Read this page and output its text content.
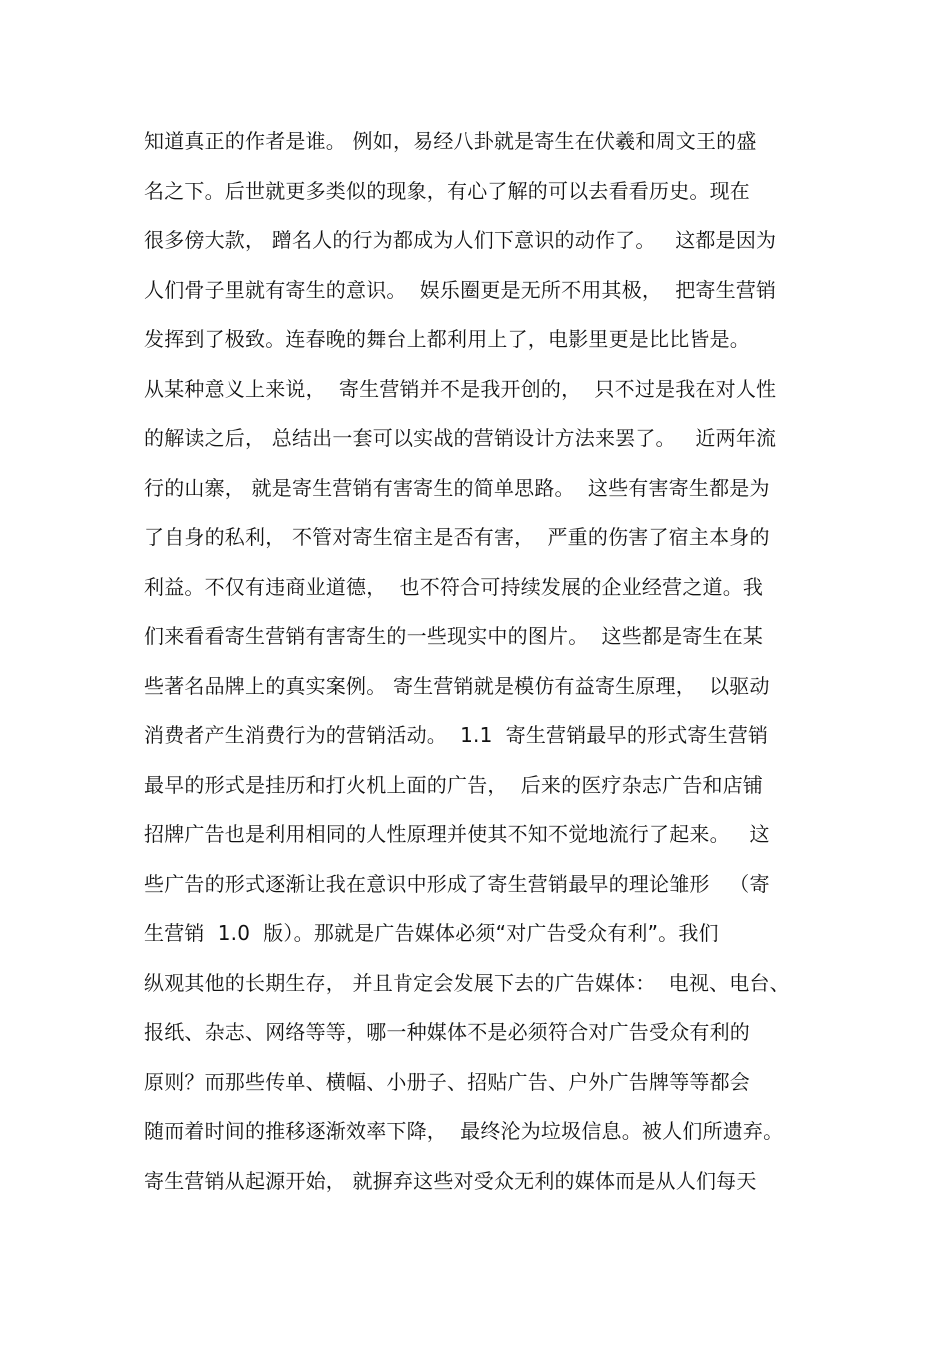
知道真正的作者是谁。 例如，易经八卦就是寄生在伏羲和周文王的盛
名之下。后世就更多类似的现象，有心了解的可以去看看历史。现在
很多傍大款， 蹭名人的行为都成为人们下意识的动作了。   这都是因为
人们骨子里就有寄生的意识。  娱乐圈更是无所不用其极，  把寄生营销
发挥到了极致。连春晚的舞台上都利用上了，电影里更是比比皆是。
从某种意义上来说，  寄生营销并不是我开创的，  只不过是我在对人性
的解读之后， 总结出一套可以实战的营销设计方法来罢了。   近两年流
行的山寨， 就是寄生营销有害寄生的简单思路。  这些有害寄生都是为
了自身的私利， 不管对寄生宿主是否有害，  严重的伤害了宿主本身的
利益。不仅有违商业道德，  也不符合可持续发展的企业经营之道。我
们来看看寄生营销有害寄生的一些现实中的图片。  这些都是寄生在某
些著名品牌上的真实案例。 寄生营销就是模仿有益寄生原理，  以驱动
消费者产生消费行为的营销活动。  1.1  寄生营销最早的形式寄生营销
最早的形式是挂历和打火机上面的广告，  后来的医疗杂志广告和店铺
招牌广告也是利用相同的人性原理并使其不知不觉地流行了起来。   这
些广告的形式逐渐让我在意识中形成了寄生营销最早的理论雏形   （寄
生营销  1.0  版）。那就是广告媒体必须“对广告受众有利”。我们
纵观其他的长期生存， 并且肯定会发展下去的广告媒体：  电视、电台、
报纸、杂志、网络等等，哪一种媒体不是必须符合对广告受众有利的
原则？而那些传单、横幅、小册子、招贴广告、户外广告牌等等都会
随而着时间的推移逐渐效率下降，  最终沦为垃圾信息。被人们所遗弃。
寄生营销从起源开始， 就摒弃这些对受众无利的媒体而是从人们每天
